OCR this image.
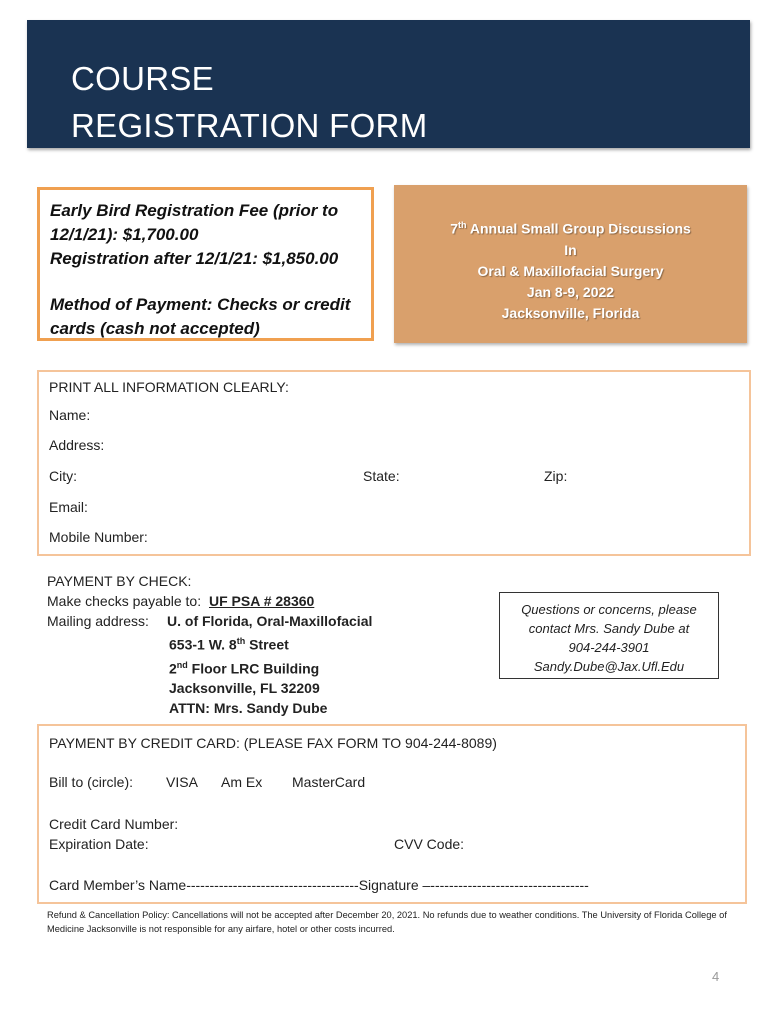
COURSE
REGISTRATION FORM
Early Bird Registration Fee (prior to
12/1/21): $1,700.00
Registration after 12/1/21: $1,850.00
Method of Payment: Checks or credit
cards (cash not accepted)
7th Annual Small Group Discussions
In
Oral & Maxillofacial Surgery
Jan 8-9, 2022
Jacksonville, Florida
PRINT ALL INFORMATION CLEARLY:
Name:
Address:
City:	State:	Zip:
Email:
Mobile Number:
PAYMENT BY CHECK:
Make checks payable to: UF PSA # 28360
Mailing address: U. of Florida, Oral-Maxillofacial
653-1 W. 8th Street
2nd Floor LRC Building
Jacksonville, FL 32209
ATTN: Mrs. Sandy Dube
Questions or concerns, please
contact Mrs. Sandy Dube at
904-244-3901
Sandy.Dube@Jax.Ufl.Edu
PAYMENT BY CREDIT CARD: (PLEASE FAX FORM TO 904-244-8089)
Bill to (circle): VISA Am Ex MasterCard
Credit Card Number:
Expiration Date:	CVV Code:
Card Member’s Name-------------------------------------Signature –----------------------------------
Refund & Cancellation Policy: Cancellations will not be accepted after December 20, 2021. No refunds due to weather conditions. The University of Florida College of Medicine Jacksonville is not responsible for any airfare, hotel or other costs incurred.
4
